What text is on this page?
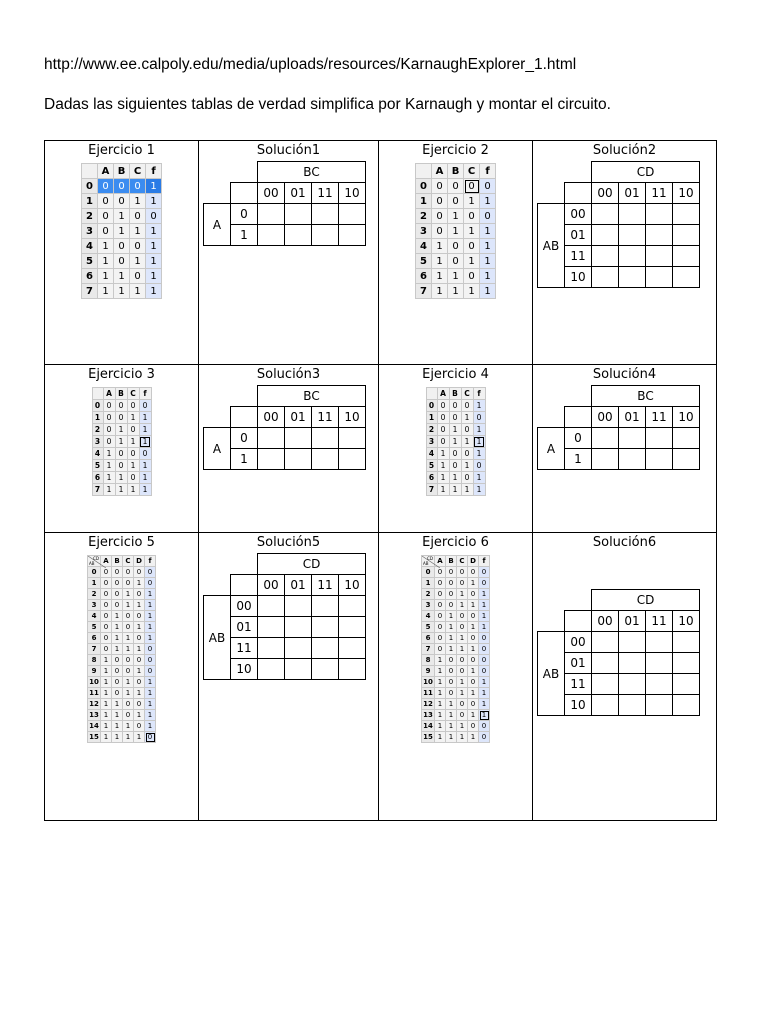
http://www.ee.calpoly.edu/media/uploads/resources/KarnaughExplorer_1.html
Dadas las siguientes tablas de verdad simplifica por Karnaugh y montar el circuito.
Ejercicio 1
	A	B	C	f
0	0	0	0	1
1	0	0	1	1
2	0	1	0	0
3	0	1	1	1
4	1	0	0	1
5	1	0	1	1
6	1	1	0	1
7	1	1	1	1

Solución1
		BC
		00	01	11	10
A	0				
1				

Ejercicio 2
	A	B	C	f
0	0	0	0	0
1	0	0	1	1
2	0	1	0	0
3	0	1	1	1
4	1	0	0	1
5	1	0	1	1
6	1	1	0	1
7	1	1	1	1

Solución2
		CD
		00	01	11	10
AB	00				
01				
11				
10				

Ejercicio 3
	A	B	C	f
0	0	0	0	0
1	0	0	1	1
2	0	1	0	1
3	0	1	1	1
4	1	0	0	0
5	1	0	1	1
6	1	1	0	1
7	1	1	1	1

Solución3
		BC
		00	01	11	10
A	0				
1				

Ejercicio 4
	A	B	C	f
0	0	0	0	1
1	0	0	1	0
2	0	1	0	1
3	0	1	1	1
4	1	0	0	1
5	1	0	1	0
6	1	1	0	1
7	1	1	1	1

Solución4
		BC
		00	01	11	10
A	0				
1				

Ejercicio 5
CD
AB	A	B	C	D	f
0	0	0	0	0	0
1	0	0	0	1	0
2	0	0	1	0	1
3	0	0	1	1	1
4	0	1	0	0	1
5	0	1	0	1	1
6	0	1	1	0	1
7	0	1	1	1	0
8	1	0	0	0	0
9	1	0	0	1	0
10	1	0	1	0	1
11	1	0	1	1	1
12	1	1	0	0	1
13	1	1	0	1	1
14	1	1	1	0	1
15	1	1	1	1	0

Solución5
		CD
		00	01	11	10
AB	00				
01				
11				
10				

Ejercicio 6
CD
AB	A	B	C	D	f
0	0	0	0	0	0
1	0	0	0	1	0
2	0	0	1	0	1
3	0	0	1	1	1
4	0	1	0	0	1
5	0	1	0	1	1
6	0	1	1	0	0
7	0	1	1	1	0
8	1	0	0	0	0
9	1	0	0	1	0
10	1	0	1	0	1
11	1	0	1	1	1
12	1	1	0	0	1
13	1	1	0	1	1
14	1	1	1	0	0
15	1	1	1	1	0

Solución6
		CD
		00	01	11	10
AB	00				
01				
11				
10				
